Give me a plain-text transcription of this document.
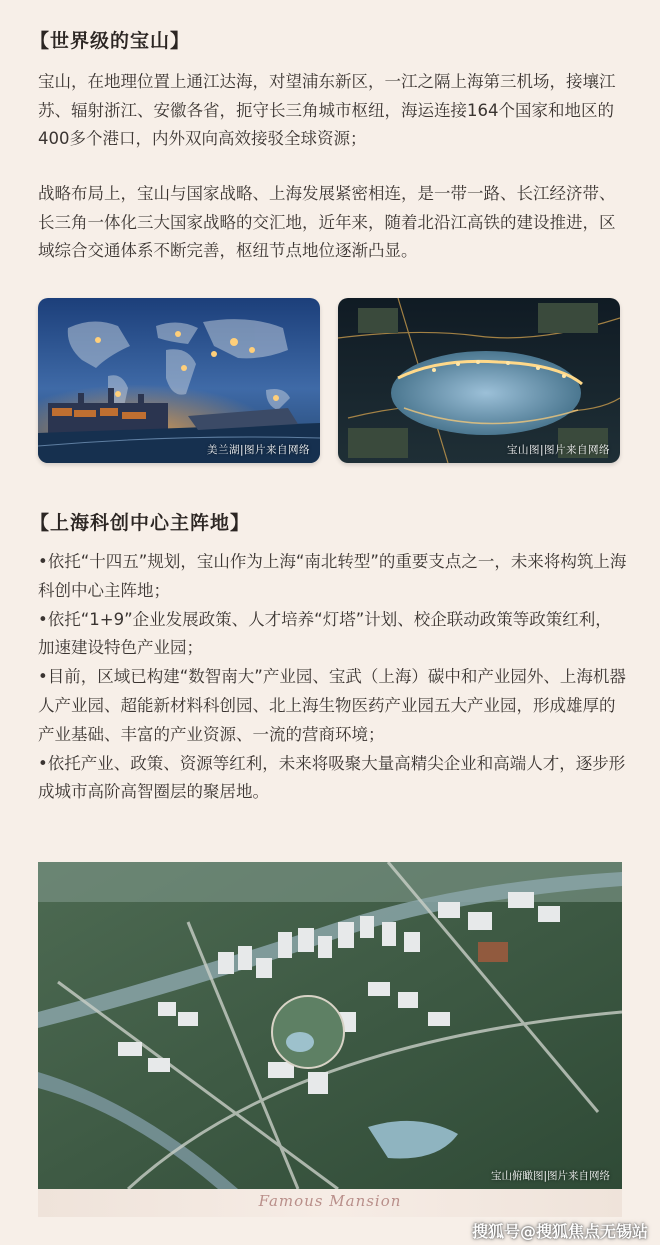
【世界级的宝山】

宝山，在地理位置上通江达海，对望浦东新区，一江之隔上海第三机场，接壤江苏、辐射浙江、安徽各省，扼守长三角城市枢纽，海运连接164个国家和地区的400多个港口，内外双向高效接驳全球资源；

战略布局上，宝山与国家战略、上海发展紧密相连，是一带一路、长江经济带、长三角一体化三大国家战略的交汇地，近年来，随着北沿江高铁的建设推进，区域综合交通体系不断完善，枢纽节点地位逐渐凸显。

美兰湖|图片来自网络	宝山图|图片来自网络
【上海科创中心主阵地】
•依托“十四五”规划，宝山作为上海“南北转型”的重要支点之一，未来将构筑上海科创中心主阵地；
•依托“1+9”企业发展政策、人才培养“灯塔”计划、校企联动政策等政策红利，加速建设特色产业园；
•目前，区域已构建“数智南大”产业园、宝武（上海）碳中和产业园外、上海机器人产业园、超能新材料科创园、北上海生物医药产业园五大产业园，形成雄厚的产业基础、丰富的产业资源、一流的营商环境；
•依托产业、政策、资源等红利，未来将吸聚大量高精尖企业和高端人才，逐步形成城市高阶高智圈层的聚居地。
宝山俯瞰图|图片来自网络
Famous Mansion
搜狐号@搜狐焦点无锡站
